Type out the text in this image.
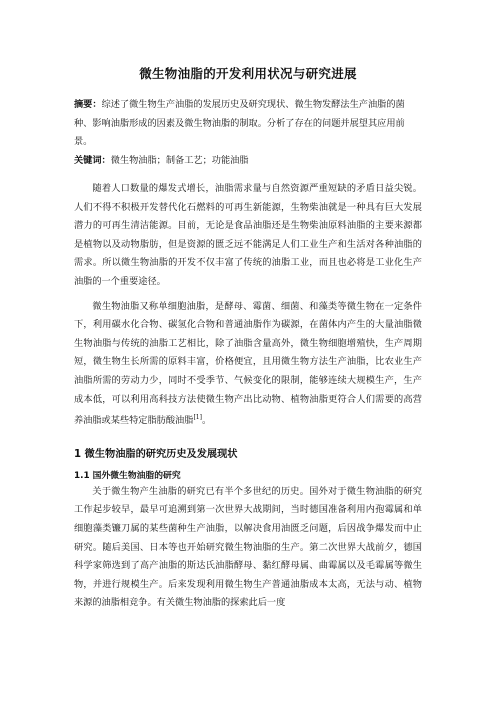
微生物油脂的开发利用状况与研究进展

摘要：综述了微生物生产油脂的发展历史及研究现状、微生物发酵法生产油脂的菌种、影响油脂形成的因素及微生物油脂的制取。分析了存在的问题并展望其应用前景。

关键词：微生物油脂；制备工艺；功能油脂

随着人口数量的爆发式增长，油脂需求量与自然资源严重短缺的矛盾日益尖锐。人们不得不积极开发替代化石燃料的可再生新能源，生物柴油就是一种具有巨大发展潜力的可再生清洁能源。目前，无论是食品油脂还是生物柴油原料油脂的主要来源都是植物以及动物脂肪，但是资源的匮乏远不能满足人们工业生产和生活对各种油脂的需求。所以微生物油脂的开发不仅丰富了传统的油脂工业，而且也必将是工业化生产油脂的一个重要途径。

微生物油脂又称单细胞油脂，是酵母、霉菌、细菌、和藻类等微生物在一定条件下，利用碳水化合物、碳氢化合物和普通油脂作为碳源，在菌体内产生的大量油脂微生物油脂与传统的油脂工艺相比，除了油脂含量高外，微生物细胞增殖快，生产周期短，微生物生长所需的原料丰富，价格便宜，且用微生物方法生产油脂，比农业生产油脂所需的劳动力少，同时不受季节、气候变化的限制，能够连续大规模生产，生产成本低，可以利用高科技方法使微生物产出比动物、植物油脂更符合人们需要的高营养油脂或某些特定脂肪酸油脂[1]。

1 微生物油脂的研究历史及发展现状
1.1 国外微生物油脂的研究

关于微生物产生油脂的研究已有半个多世纪的历史。国外对于微生物油脂的研究工作起步较早，最早可追溯到第一次世界大战期间，当时德国准备利用内孢霉属和单细胞藻类镰刀属的某些菌种生产油脂，以解决食用油匮乏问题，后因战争爆发而中止研究。随后美国、日本等也开始研究微生物油脂的生产。第二次世界大战前夕，德国科学家筛选到了高产油脂的斯达氏油脂酵母、黏红酵母属、曲霉属以及毛霉属等微生物，并进行规模生产。后来发现利用微生物生产普通油脂成本太高，无法与动、植物来源的油脂相竞争。有关微生物油脂的探索此后一度
